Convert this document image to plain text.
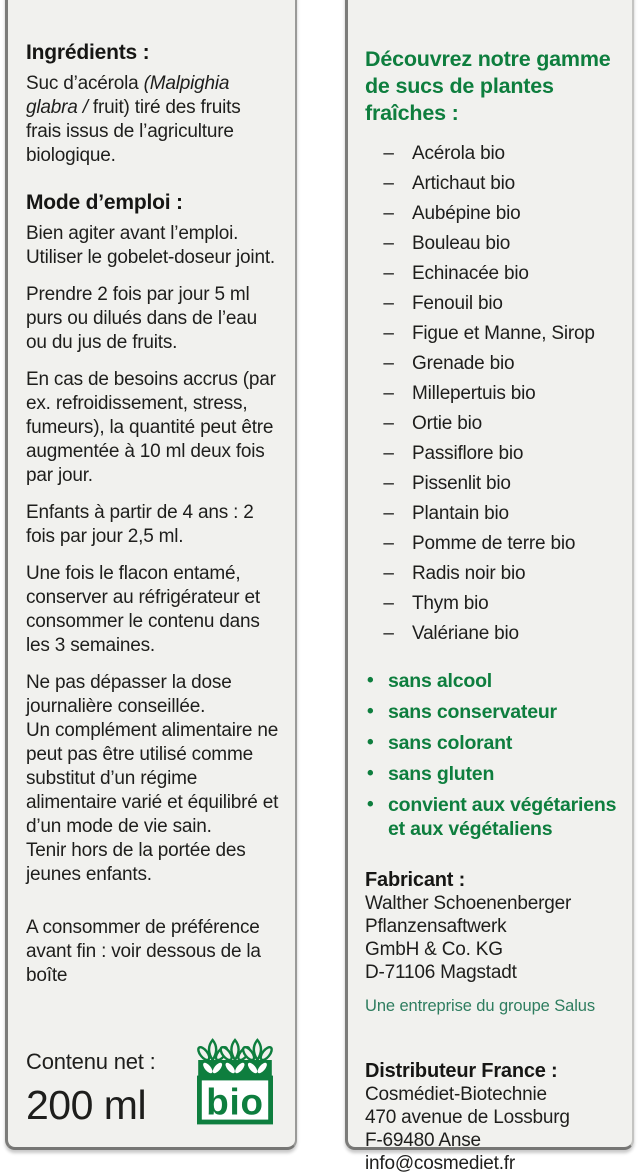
Ingrédients :

Suc d’acérola (Malpighia glabra / fruit) tiré des fruits frais issus de l’agriculture biologique.

Mode d’emploi :

Bien agiter avant l’emploi. Utiliser le gobelet-doseur joint.

Prendre 2 fois par jour 5 ml purs ou dilués dans de l’eau ou du jus de fruits.

En cas de besoins accrus (par ex. refroidissement, stress, fumeurs), la quantité peut être augmentée à 10 ml deux fois par jour.

Enfants à partir de 4 ans : 2 fois par jour 2,5 ml.

Une fois le flacon entamé, conserver au réfrigérateur et consommer le contenu dans les 3 semaines.

Ne pas dépasser la dose journalière conseillée.

Un complément alimentaire ne peut pas être utilisé comme substitut d’un régime alimentaire varié et équilibré et d’un mode de vie sain.

Tenir hors de la portée des jeunes enfants.

A consommer de préférence avant fin : voir dessous de la boîte

Contenu net :
200 ml bio
Découvrez notre gamme de sucs de plantes fraîches :
– Acérola bio
– Artichaut bio
– Aubépine bio
– Bouleau bio
– Echinacée bio
– Fenouil bio
– Figue et Manne, Sirop
– Grenade bio
– Millepertuis bio
– Ortie bio
– Passiflore bio
– Pissenlit bio
– Plantain bio
– Pomme de terre bio
– Radis noir bio
– Thym bio
– Valériane bio
• sans alcool
• sans conservateur
• sans colorant
• sans gluten
• convient aux végétariens et aux végétaliens
Fabricant :
Walther Schoenenberger
Pflanzensaftwerk
GmbH & Co. KG
D-71106 Magstadt
Une entreprise du groupe Salus
Distributeur France :
Cosmédiet-Biotechnie
470 avenue de Lossburg
F-69480 Anse
info@cosmediet.fr
